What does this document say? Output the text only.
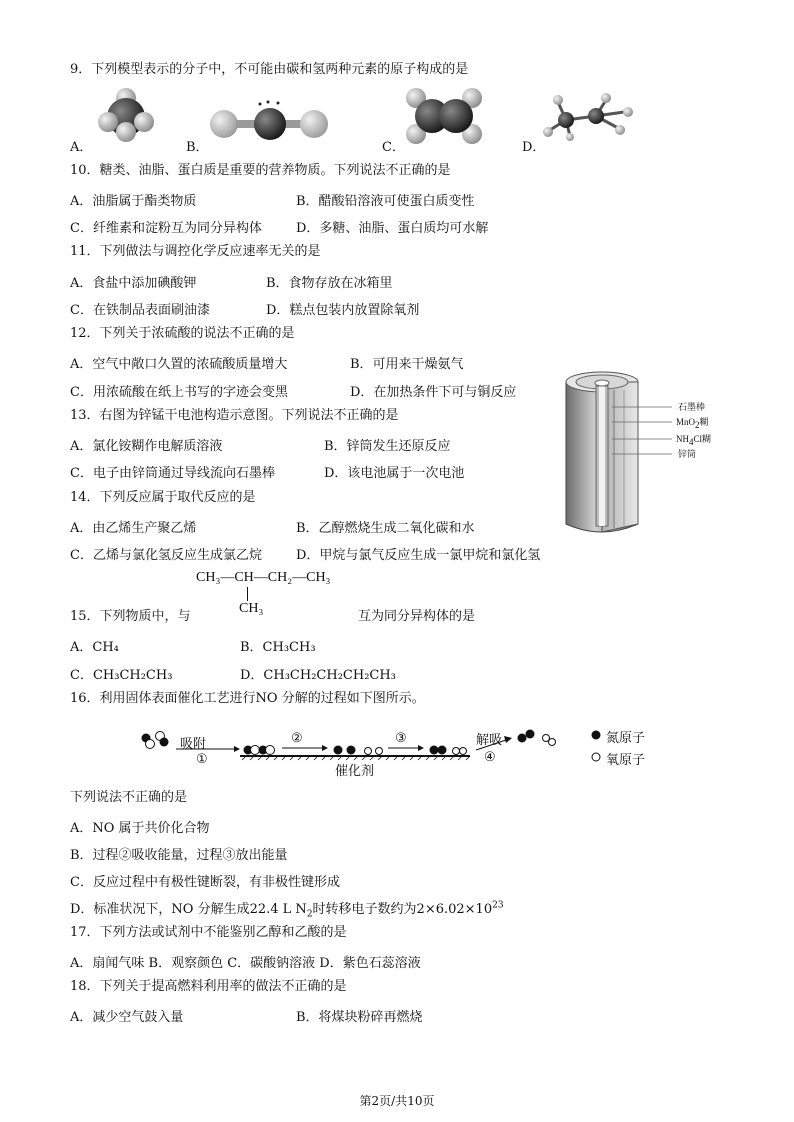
9．下列模型表示的分子中，不可能由碳和氢两种元素的原子构成的是
A．	B．	C．	D．
10．糖类、油脂、蛋白质是重要的营养物质。下列说法不正确的是
A．油脂属于酯类物质	B．醋酸铅溶液可使蛋白质变性
C．纤维素和淀粉互为同分异构体	D．多糖、油脂、蛋白质均可水解
11．下列做法与调控化学反应速率无关的是
A．食盐中添加碘酸钾	B．食物存放在冰箱里
C．在铁制品表面刷油漆	D．糕点包装内放置除氧剂
12．下列关于浓硫酸的说法不正确的是
A．空气中敞口久置的浓硫酸质量增大	B．可用来干燥氨气
C．用浓硫酸在纸上书写的字迹会变黑	D．在加热条件下可与铜反应
石墨棒
MnO$_2$糊
$NH_4Cl$糊
锌筒
13．右图为锌锰干电池构造示意图。下列说法不正确的是
A．氯化铵糊作电解质溶液	B．锌筒发生还原反应
C．电子由锌筒通过导线流向石墨棒	D．该电池属于一次电池
14．下列反应属于取代反应的是
A．由乙烯生产聚乙烯	B．乙醇燃烧生成二氧化碳和水
C．乙烯与氯化氢反应生成氯乙烷	D．甲烷与氯气反应生成一氯甲烷和氯化氢
CH₃—CH—CH₂—CH₃
CH₃
15．下列物质中，与	互为同分异构体的是
A．CH₄	B．CH₃CH₃
C．CH₃CH₂CH₃	D．CH₃CH₂CH₂CH₂CH₃
16．利用固体表面催化工艺进行NO 分解的过程如下图所示。
吸附
①
②	③
催化剂
解吸
④
氮原子
氧原子
下列说法不正确的是
A．NO 属于共价化合物
B．过程②吸收能量，过程③放出能量
C．反应过程中有极性键断裂，有非极性键形成
D．标准状况下，NO 分解生成22.4 L $N_2$时转移电子数约为$2\times 6.02\times 10^{23}$
17．下列方法或试剂中不能鉴别乙醇和乙酸的是
A．扇闻气味 B．观察颜色 C．碳酸钠溶液 D．紫色石蕊溶液
18．下列关于提高燃料利用率的做法不正确的是
A．减少空气鼓入量	B．将煤块粉碎再燃烧
第2页/共10页
